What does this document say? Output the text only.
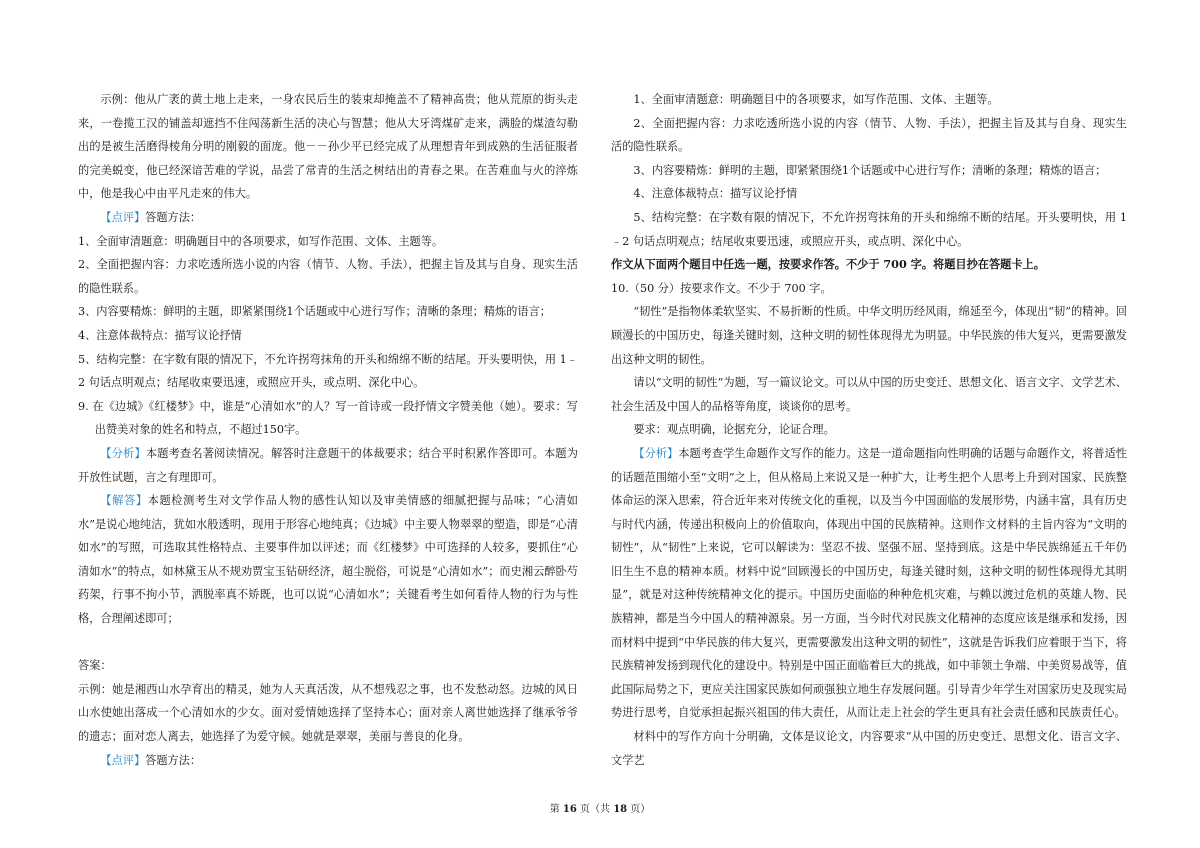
示例：他从广袤的黄土地上走来，一身农民后生的装束却掩盖不了精神高贵；他从荒原的街头走来，一卷揽工汉的铺盖却遮挡不住闯荡新生活的决心与智慧；他从大牙湾煤矿走来，满脸的煤渣勾勒出的是被生活磨得棱角分明的刚毅的面庞。他－－孙少平已经完成了从理想青年到成熟的生活征服者的完美蜕变，他已经深谙苦难的学说，品尝了常青的生活之树结出的青春之果。在苦难血与火的淬炼中，他是我心中由平凡走來的伟大。

【点评】答题方法：

1、全面审清题意：明确题目中的各项要求，如写作范围、文体、主题等。

2、全面把握内容：力求吃透所选小说的内容（情节、人物、手法），把握主旨及其与自身、现实生活的隐性联系。

3、内容要精炼：鲜明的主题，即紧紧围绕1个话题或中心进行写作；清晰的条理；精炼的语言；

4、注意体裁特点：描写议论抒情

5、结构完整：在字数有限的情况下，不允许拐弯抹角的开头和绵绵不断的结尾。开头要明快，用 1﹣2 句话点明观点；结尾收束要迅速，或照应开头，或点明、深化中心。

9. 在《边城》《红楼梦》中，谁是“心清如水”的人？写一首诗或一段抒情文字赞美他（她）。要求：写出赞美对象的姓名和特点，不超过150字。

【分析】本题考查名著阅读情况。解答时注意题干的体裁要求；结合平时积累作答即可。本题为开放性试题，言之有理即可。

【解答】本题检测考生对文学作品人物的感性认知以及审美情感的细腻把握与品味；“心清如水”是说心地纯洁，犹如水般透明，现用于形容心地纯真；《边城》中主要人物翠翠的塑造，即是“心清如水”的写照，可选取其性格特点、主要事件加以评述；而《红楼梦》中可选择的人较多，要抓住“心清如水”的特点，如林黛玉从不规劝贾宝玉钻研经济，超尘脱俗，可说是“心清如水”；而史湘云醉卧芍药架，行事不拘小节，洒脱率真不矫既，也可以说“心清如水”；关键看考生如何看待人物的行为与性格，合理阐述即可；

答案：

示例：她是湘西山水孕育出的精灵，她为人天真活泼，从不想残忍之事，也不发愁动怒。边城的风日山水使她出落成一个心清如水的少女。面对爱情她选择了坚持本心；面对亲人离世她选择了继承爷爷的遗志；面对恋人离去，她选择了为爱守候。她就是翠翠，美丽与善良的化身。

【点评】答题方法：

1、全面审清题意：明确题目中的各项要求，如写作范围、文体、主题等。

2、全面把握内容：力求吃透所选小说的内容（情节、人物、手法），把握主旨及其与自身、现实生活的隐性联系。

3、内容要精炼：鲜明的主题，即紧紧围绕1个话题或中心进行写作；清晰的条理；精炼的语言；

4、注意体裁特点：描写议论抒情

5、结构完整：在字数有限的情况下，不允许拐弯抹角的开头和绵绵不断的结尾。开头要明快，用 1﹣2 句话点明观点；结尾收束要迅速，或照应开头，或点明、深化中心。

作文从下面两个题目中任选一题，按要求作答。不少于 700 字。将题目抄在答题卡上。

10.（50 分）按要求作文。不少于 700 字。

“韧性”是指物体柔软坚实、不易折断的性质。中华文明历经风雨，绵延至今，体现出“韧”的精神。回顾漫长的中国历史，每逢关键时刻，这种文明的韧性体现得尤为明显。中华民族的伟大复兴，更需要激发出这种文明的韧性。

请以“文明的韧性”为题，写一篇议论文。可以从中国的历史变迁、思想文化、语言文字、文学艺术、社会生活及中国人的品格等角度，谈谈你的思考。

要求：观点明确，论据充分，论证合理。

【分析】本题考查学生命题作文写作的能力。这是一道命题指向性明确的话题与命题作文，将普适性的话题范围缩小至“文明”之上，但从格局上来说又是一种扩大，让考生把个人思考上升到对国家、民族整体命运的深入思索，符合近年来对传统文化的重视，以及当今中国面临的发展形势，内涵丰富，具有历史与时代内涵，传递出积极向上的价值取向，体现出中国的民族精神。这则作文材料的主旨内容为“文明的韧性”，从“韧性”上来说，它可以解读为：坚忍不拔、坚强不屈、坚持到底。这是中华民族绵延五千年仍旧生生不息的精神本质。材料中说“回顾漫长的中国历史，每逢关键时刻，这种文明的韧性体现得尤其明显”，就是对这种传统精神文化的提示。中国历史面临的种种危机灾难，与赖以渡过危机的英雄人物、民族精神，都是当今中国人的精神源泉。另一方面，当今时代对民族文化精神的态度应该是继承和发扬，因而材料中提到“中华民族的伟大复兴，更需要激发出这种文明的韧性”，这就是告诉我们应着眼于当下，将民族精神发扬到现代化的建设中。特别是中国正面临着巨大的挑战，如中菲领土争端、中美贸易战等，值此国际局势之下，更应关注国家民族如何顽强独立地生存发展问题。引导青少年学生对国家历史及现实局势进行思考，自觉承担起振兴祖国的伟大责任，从而让走上社会的学生更具有社会责任感和民族责任心。

材料中的写作方向十分明确，文体是议论文，内容要求“从中国的历史变迁、思想文化、语言文字、文学艺

第 16 页（共 18 页）
